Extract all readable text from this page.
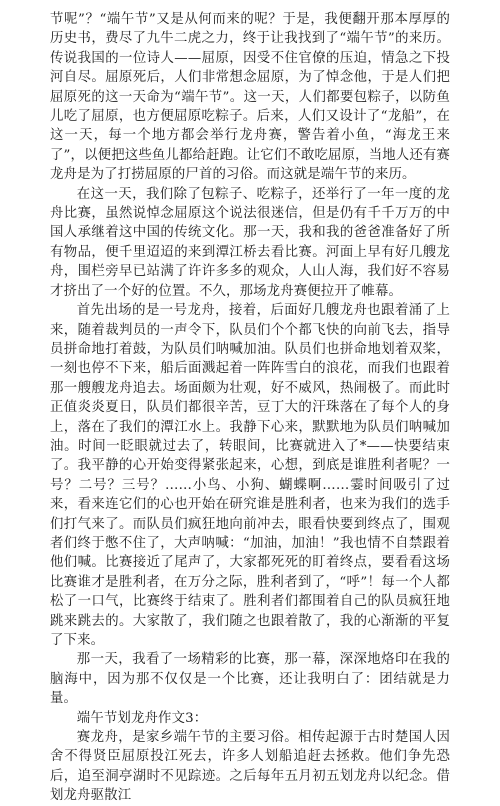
节呢”？“端午节”又是从何而来的呢？于是，我便翻开那本厚厚的历史书，费尽了九牛二虎之力，终于让我找到了“端午节”的来历。传说我国的一位诗人——屈原，因受不住官僚的压迫，情急之下投河自尽。屈原死后，人们非常想念屈原，为了悼念他，于是人们把屈原死的这一天命为“端午节”。这一天，人们都要包粽子，以防鱼儿吃了屈原，也方便屈原吃粽子。后来，人们又设计了“龙船”，在这一天，每一个地方都会举行龙舟赛，警告着小鱼，“海龙王来了”，以便把这些鱼儿都给赶跑。让它们不敢吃屈原，当地人还有赛龙舟是为了打捞屈原的尸首的习俗。而这就是端午节的来历。

在这一天，我们除了包粽子、吃粽子，还举行了一年一度的龙舟比赛，虽然说悼念屈原这个说法很迷信，但是仍有千千万万的中国人承继着这中国的传统文化。那一天，我和我的爸爸准备好了所有物品，便千里迢迢的来到潭江桥去看比赛。河面上早有好几艘龙舟，围栏旁早已站满了许许多多的观众，人山人海，我们好不容易才挤出了一个好的位置。不久，那场龙舟赛便拉开了帷幕。

首先出场的是一号龙舟，接着，后面好几艘龙舟也跟着涌了上来，随着裁判员的一声令下，队员们个个都飞快的向前飞去，指导员拼命地打着鼓，为队员们呐喊加油。队员们也拼命地划着双桨，一刻也停不下来，船后面溅起着一阵阵雪白的浪花，而我们也跟着那一艘艘龙舟追去。场面颇为壮观，好不威风，热闹极了。而此时正值炎炎夏日，队员们都很辛苦，豆丁大的汗珠落在了每个人的身上，落在了我们的潭江水上。我静下心来，默默地为队员们呐喊加油。时间一眨眼就过去了，转眼间，比赛就进入了*——快要结束了。我平静的心开始变得紧张起来，心想，到底是谁胜利者呢？一号？二号？三号？……小鸟、小狗、蝴蝶啊……霎时间吸引了过来，看来连它们的心也开始在研究谁是胜利者，也来为我们的选手们打气来了。而队员们疯狂地向前冲去，眼看快要到终点了，围观者们终于憋不住了，大声呐喊：“加油，加油！”我也情不自禁跟着他们喊。比赛接近了尾声了，大家都死死的盯着终点，要看看这场比赛谁才是胜利者，在万分之际，胜利者到了，“呼”！每一个人都松了一口气，比赛终于结束了。胜利者们都围着自己的队员疯狂地跳来跳去的。大家散了，我们随之也跟着散了，我的心渐渐的平复了下来。

那一天，我看了一场精彩的比赛，那一幕，深深地烙印在我的脑海中，因为那不仅仅是一个比赛，还让我明白了：团结就是力量。

端午节划龙舟作文3：

赛龙舟，是家乡端午节的主要习俗。相传起源于古时楚国人因舍不得贤臣屈原投江死去，许多人划船追赶去拯救。他们争先恐后，追至洞亭湖时不见踪迹。之后每年五月初五划龙舟以纪念。借划龙舟驱散江
